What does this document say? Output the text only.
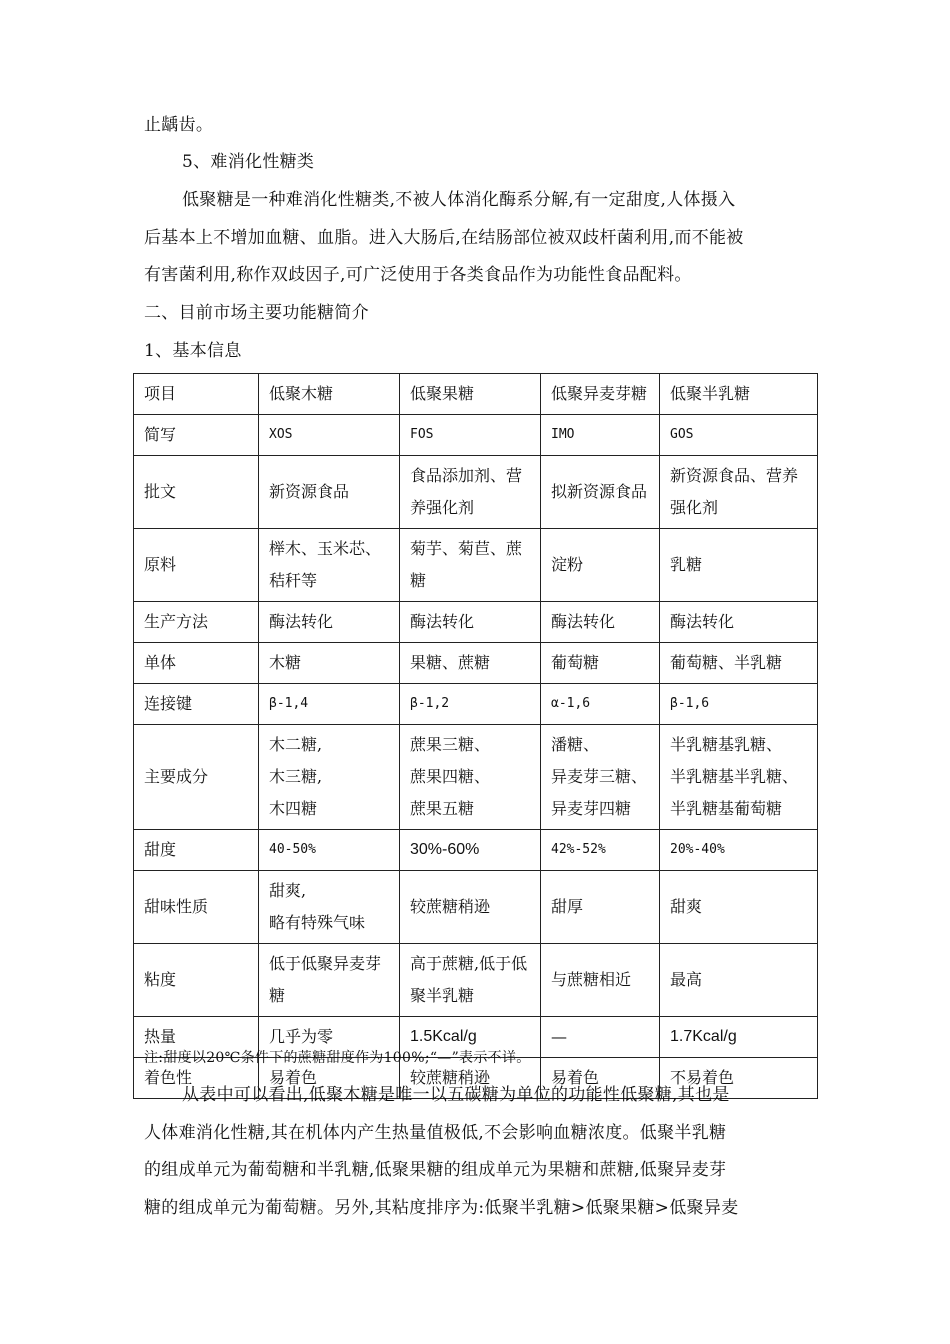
止龋齿。
5、难消化性糖类
低聚糖是一种难消化性糖类,不被人体消化酶系分解,有一定甜度,人体摄入
后基本上不增加血糖、血脂。进入大肠后,在结肠部位被双歧杆菌利用,而不能被
有害菌利用,称作双歧因子,可广泛使用于各类食品作为功能性食品配料。
二、目前市场主要功能糖简介
1、基本信息
项目	低聚木糖	低聚果糖	低聚异麦芽糖	低聚半乳糖

简写	XOS	FOS	IMO	GOS

批文	新资源食品	食品添加剂、营养强化剂	拟新资源食品	新资源食品、营养强化剂

原料	榉木、玉米芯、秸秆等	菊芋、菊苣、蔗糖	淀粉	乳糖

生产方法	酶法转化	酶法转化	酶法转化	酶法转化

单体	木糖	果糖、蔗糖	葡萄糖	葡萄糖、半乳糖

连接键	β-1,4	β-1,2	α-1,6	β-1,6

主要成分	木二糖,
木三糖,
木四糖	蔗果三糖、
蔗果四糖、
蔗果五糖	潘糖、
异麦芽三糖、
异麦芽四糖	半乳糖基乳糖、
半乳糖基半乳糖、
半乳糖基葡萄糖

甜度	40-50%	30%-60%	42%-52%	20%-40%

甜味性质	甜爽,
略有特殊气味	较蔗糖稍逊	甜厚	甜爽

粘度	低于低聚异麦芽糖	高于蔗糖,低于低聚半乳糖	与蔗糖相近	最高

热量	几乎为零	1.5Kcal/g	—	1.7Kcal/g

着色性	易着色	较蔗糖稍逊	易着色	不易着色
注:甜度以20℃条件下的蔗糖甜度作为100%;“—”表示不详。
从表中可以看出,低聚木糖是唯一以五碳糖为单位的功能性低聚糖,其也是
人体难消化性糖,其在机体内产生热量值极低,不会影响血糖浓度。低聚半乳糖
的组成单元为葡萄糖和半乳糖,低聚果糖的组成单元为果糖和蔗糖,低聚异麦芽
糖的组成单元为葡萄糖。另外,其粘度排序为:低聚半乳糖>低聚果糖>低聚异麦
